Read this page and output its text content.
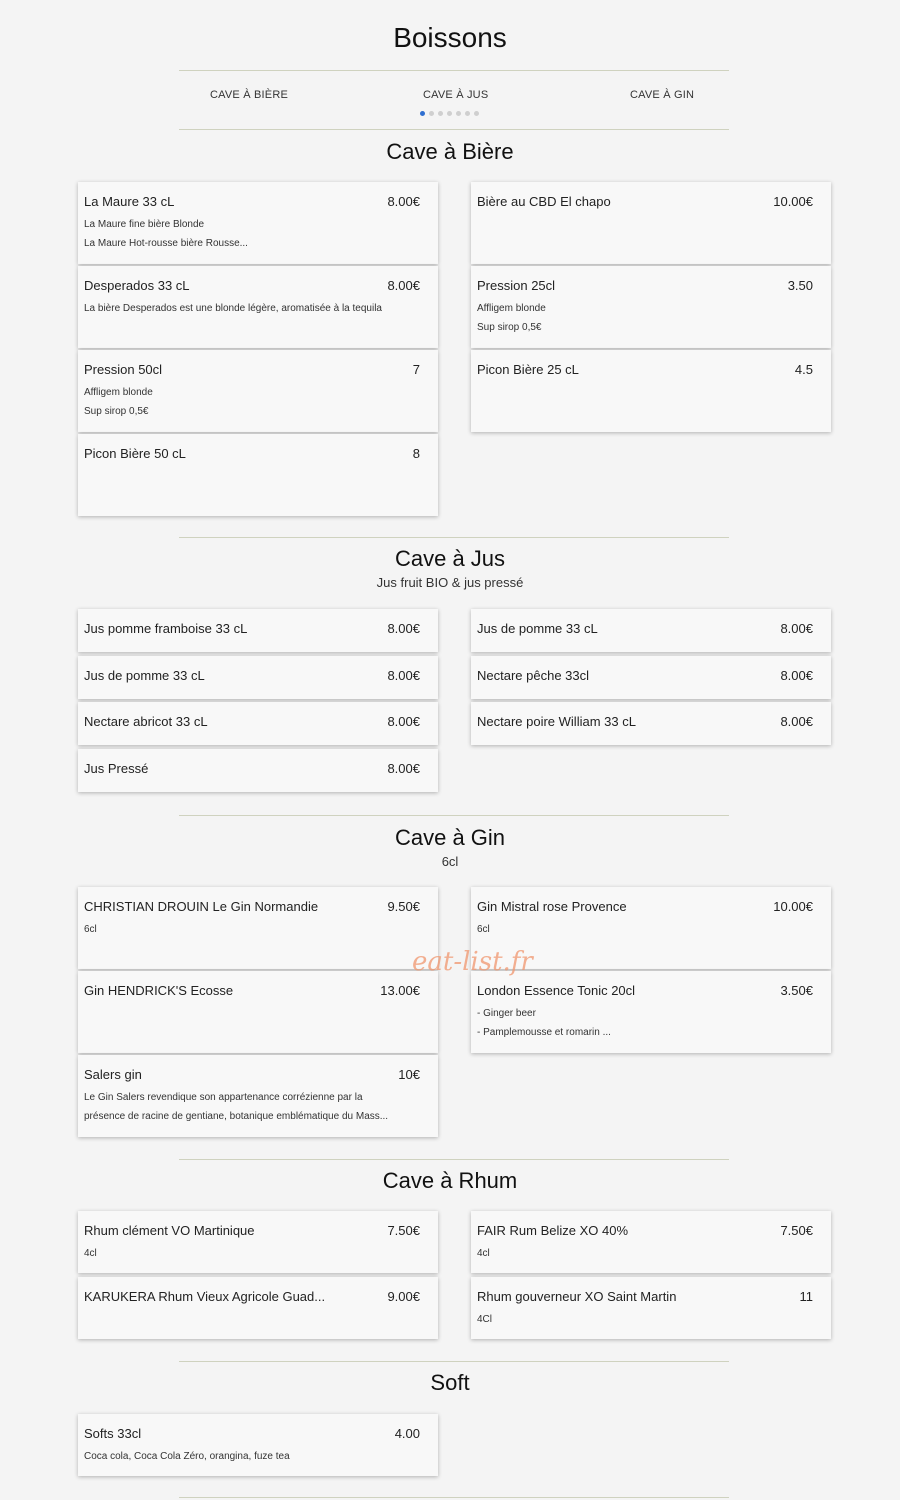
Boissons
CAVE À BIÈRE	CAVE À JUS	CAVE À GIN
Cave à Bière
La Maure 33 cL	8.00€
La Maure fine bière Blonde
La Maure Hot-rousse bière Rousse...
Bière au CBD El chapo	10.00€
Desperados 33 cL	8.00€
La bière Desperados est une blonde légère, aromatisée à la tequila
Pression 25cl	3.50
Affligem blonde
Sup sirop 0,5€
Pression 50cl	7
Affligem blonde
Sup sirop 0,5€
Picon Bière 25 cL	4.5
Picon Bière 50 cL	8
Cave à Jus
Jus fruit BIO & jus pressé
Jus pomme framboise 33 cL	8.00€	Jus de pomme 33 cL	8.00€
Jus de pomme 33 cL	8.00€	Nectare pêche 33cl	8.00€
Nectare abricot 33 cL	8.00€	Nectare poire William 33 cL	8.00€
Jus Pressé	8.00€
Cave à Gin
6cl
CHRISTIAN DROUIN Le Gin Normandie	9.50€
6cl
Gin Mistral rose Provence	10.00€
6cl
Gin HENDRICK'S Ecosse	13.00€	London Essence Tonic 20cl	3.50€
- Ginger beer
- Pamplemousse et romarin ...
Salers gin	10€
Le Gin Salers revendique son appartenance corrézienne par la
présence de racine de gentiane, botanique emblématique du Mass...
Cave à Rhum
Rhum clément VO Martinique	7.50€
4cl
FAIR Rum Belize XO 40%	7.50€
4cl
KARUKERA Rhum Vieux Agricole Guad...	9.00€	Rhum gouverneur XO Saint Martin	11
4Cl
Soft
Softs 33cl	4.00
Coca cola, Coca Cola Zéro, orangina, fuze tea
eat-list.fr
